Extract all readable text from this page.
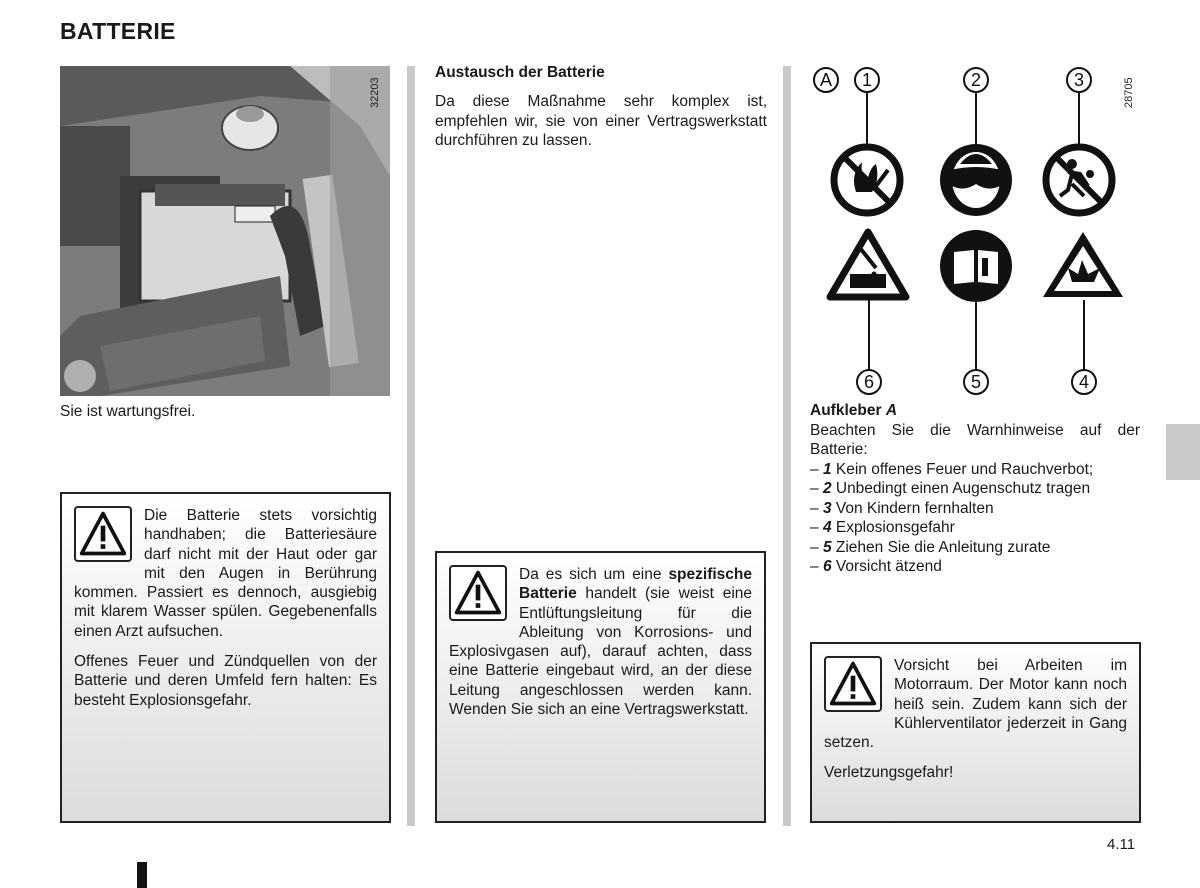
BATTERIE
32203
Sie ist wartungsfrei.

Die Batterie stets vorsichtig handhaben; die Batteriesäure darf nicht mit der Haut oder gar mit den Augen in Berührung kommen. Passiert es dennoch, ausgiebig mit klarem Wasser spülen. Gegebenenfalls einen Arzt aufsuchen.

Offenes Feuer und Zündquellen von der Batterie und deren Umfeld fern halten: Es besteht Explosionsgefahr.

Austausch der Batterie
Da diese Maßnahme sehr komplex ist, empfehlen wir, sie von einer Vertragswerkstatt durchführen zu lassen.

Da es sich um eine spezifische Batterie handelt (sie weist eine Entlüftungsleitung für die Ableitung von Korrosions- und Explosivgasen auf), darauf achten, dass eine Batterie eingebaut wird, an der diese Leitung angeschlossen werden kann. Wenden Sie sich an eine Vertragswerkstatt.

A 1	2	3
6	5	4
28705
Aufkleber A
Beachten Sie die Warnhinweise auf der Batterie:
– 1 Kein offenes Feuer und Rauchverbot;
– 2 Unbedingt einen Augenschutz tragen
– 3 Von Kindern fernhalten
– 4 Explosionsgefahr
– 5 Ziehen Sie die Anleitung zurate
– 6 Vorsicht ätzend

Vorsicht bei Arbeiten im Motorraum. Der Motor kann noch heiß sein. Zudem kann sich der Kühlerventilator jederzeit in Gang setzen.

Verletzungsgefahr!

4.11
